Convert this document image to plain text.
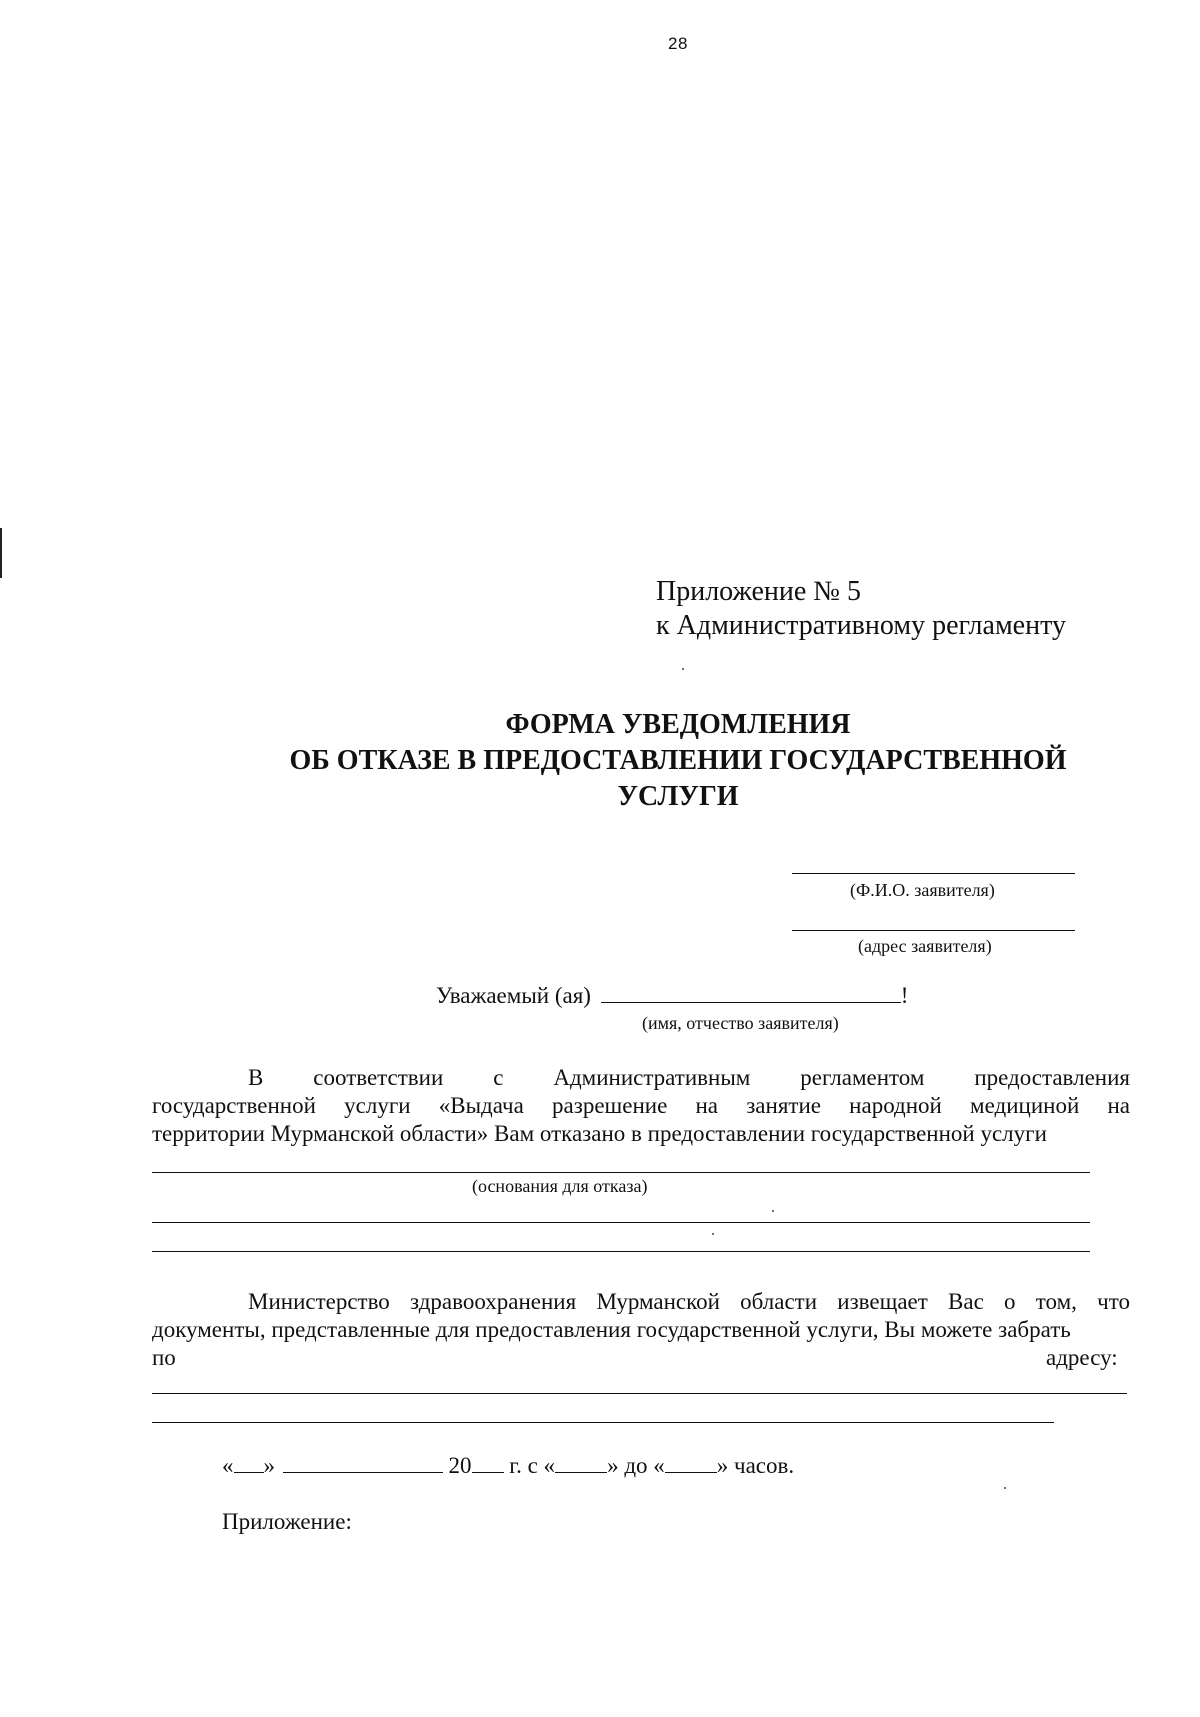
28
Приложение № 5
к Административному регламенту
ФОРМА УВЕДОМЛЕНИЯ
ОБ ОТКАЗЕ В ПРЕДОСТАВЛЕНИИ ГОСУДАРСТВЕННОЙ
УСЛУГИ
(Ф.И.О. заявителя)
(адрес заявителя)
Уважаемый (ая)	!
(имя, отчество заявителя)
В соответствии с Административным регламентом предоставления
государственной услуги «Выдача разрешение на занятие народной медициной на
территории Мурманской области» Вам отказано в предоставлении государственной услуги
(основания для отказа)
Министерство здравоохранения Мурманской области извещает Вас о том, что
документы, представленные для предоставления государственной услуги, Вы можете забрать
по	адресу:
« »	20 г. с « » до « » часов.
Приложение:
